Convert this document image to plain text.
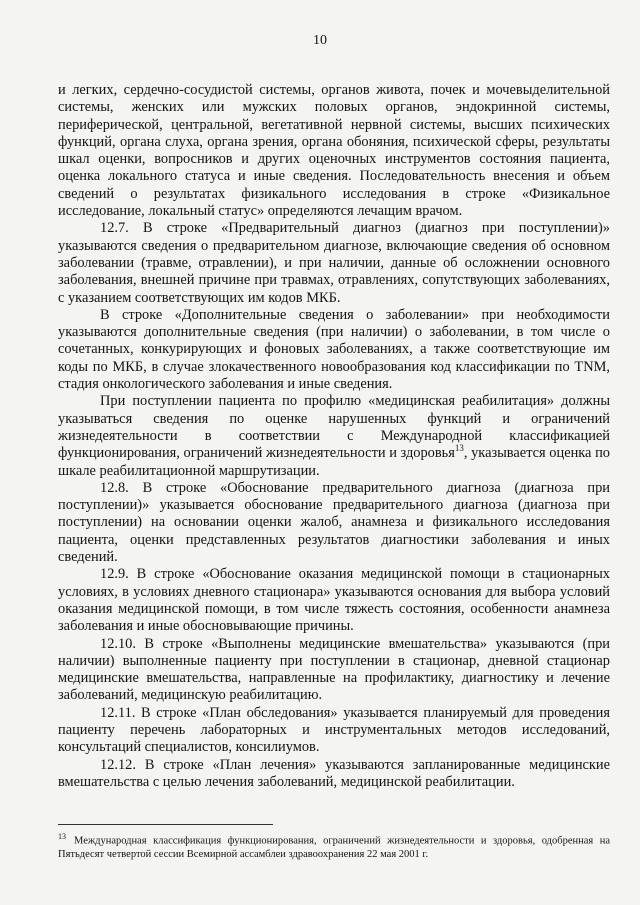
10

и легких, сердечно-сосудистой системы, органов живота, почек и мочевыделительной системы, женских или мужских половых органов, эндокринной системы, периферической, центральной, вегетативной нервной системы, высших психических функций, органа слуха, органа зрения, органа обоняния, психической сферы, результаты шкал оценки, вопросников и других оценочных инструментов состояния пациента, оценка локального статуса и иные сведения. Последовательность внесения и объем сведений о результатах физикального исследования в строке «Физикальное исследование, локальный статус» определяются лечащим врачом.

12.7. В строке «Предварительный диагноз (диагноз при поступлении)» указываются сведения о предварительном диагнозе, включающие сведения об основном заболевании (травме, отравлении), и при наличии, данные об осложнении основного заболевания, внешней причине при травмах, отравлениях, сопутствующих заболеваниях, с указанием соответствующих им кодов МКБ.

В строке «Дополнительные сведения о заболевании» при необходимости указываются дополнительные сведения (при наличии) о заболевании, в том числе о сочетанных, конкурирующих и фоновых заболеваниях, а также соответствующие им коды по МКБ, в случае злокачественного новообразования код классификации по TNM, стадия онкологического заболевания и иные сведения.

При поступлении пациента по профилю «медицинская реабилитация» должны указываться сведения по оценке нарушенных функций и ограничений жизнедеятельности в соответствии с Международной классификацией функционирования, ограничений жизнедеятельности и здоровья$^{13}$, указывается оценка по шкале реабилитационной маршрутизации.

12.8. В строке «Обоснование предварительного диагноза (диагноза при поступлении)» указывается обоснование предварительного диагноза (диагноза при поступлении) на основании оценки жалоб, анамнеза и физикального исследования пациента, оценки представленных результатов диагностики заболевания и иных сведений.

12.9. В строке «Обоснование оказания медицинской помощи в стационарных условиях, в условиях дневного стационара» указываются основания для выбора условий оказания медицинской помощи, в том числе тяжесть состояния, особенности анамнеза заболевания и иные обосновывающие причины.

12.10. В строке «Выполнены медицинские вмешательства» указываются (при наличии) выполненные пациенту при поступлении в стационар, дневной стационар медицинские вмешательства, направленные на профилактику, диагностику и лечение заболеваний, медицинскую реабилитацию.

12.11. В строке «План обследования» указывается планируемый для проведения пациенту перечень лабораторных и инструментальных методов исследований, консультаций специалистов, консилиумов.

12.12. В строке «План лечения» указываются запланированные медицинские вмешательства с целью лечения заболеваний, медицинской реабилитации.

$^{13}$ Международная классификация функционирования, ограничений жизнедеятельности и здоровья, одобренная на Пятьдесят четвертой сессии Всемирной ассамблеи здравоохранения 22 мая 2001 г.
